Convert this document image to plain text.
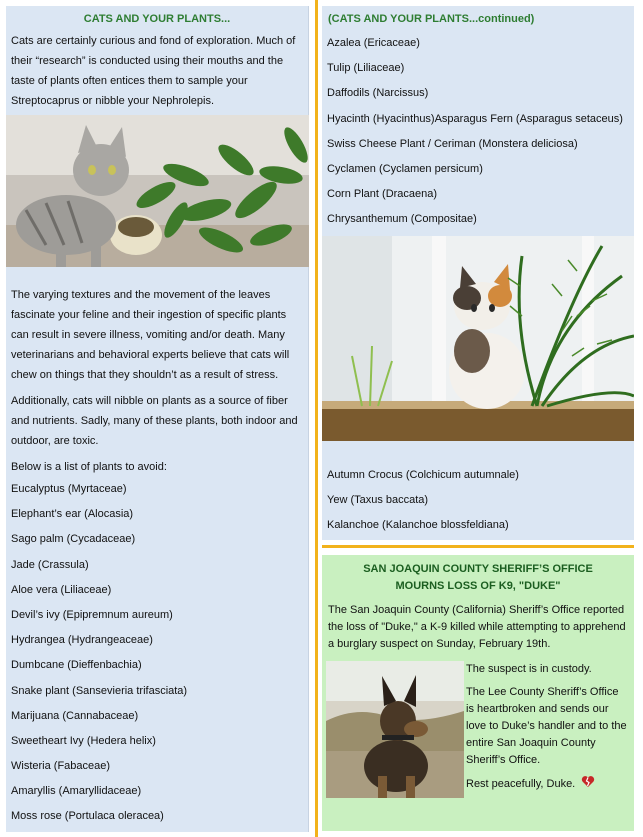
CATS AND YOUR PLANTS...

Cats are certainly curious and fond of exploration. Much of their “research” is conducted using their mouths and the taste of plants often entices them to sample your Streptocaprus or nibble your Nephrolepis.

The varying textures and the movement of the leaves fascinate your feline and their ingestion of specific plants can result in severe illness, vomiting and/or death. Many veterinarians and behavioral experts believe that cats will chew on things that they shouldn’t as a result of stress.

Additionally, cats will nibble on plants as a source of fiber and nutrients. Sadly, many of these plants, both indoor and outdoor, are toxic.

Below is a list of plants to avoid:

Eucalyptus (Myrtaceae)
Elephant’s ear (Alocasia)
Sago palm (Cycadaceae)
Jade (Crassula)
Aloe vera (Liliaceae)
Devil’s ivy (Epipremnum aureum)
Hydrangea (Hydrangeaceae)
Dumbcane (Dieffenbachia)
Snake plant (Sansevieria trifasciata)
Marijuana (Cannabaceae)
Sweetheart Ivy (Hedera helix)
Wisteria (Fabaceae)
Amaryllis (Amaryllidaceae)
Moss rose (Portulaca oleracea)
(CATS AND YOUR PLANTS...continued)
Azalea (Ericaceae)
Tulip (Liliaceae)
Daffodils (Narcissus)
Hyacinth (Hyacinthus)Asparagus Fern (Asparagus setaceus)
Swiss Cheese Plant / Ceriman (Monstera deliciosa)
Cyclamen (Cyclamen persicum)
Corn Plant (Dracaena)
Chrysanthemum (Compositae)
Autumn Crocus (Colchicum autumnale)
Yew (Taxus baccata)
Kalanchoe (Kalanchoe blossfeldiana)
SAN JOAQUIN COUNTY SHERIFF’S OFFICE
MOURNS LOSS OF K9, "DUKE"

The San Joaquin County (California) Sheriff’s Office reported the loss of "Duke," a K-9 killed while attempting to apprehend a burglary suspect on Sunday, February 19th.

The suspect is in custody.

The Lee County Sheriff’s Office is heartbroken and sends our love to Duke’s handler and to the entire San Joaquin County Sheriff’s Office.

Rest peacefully, Duke.
